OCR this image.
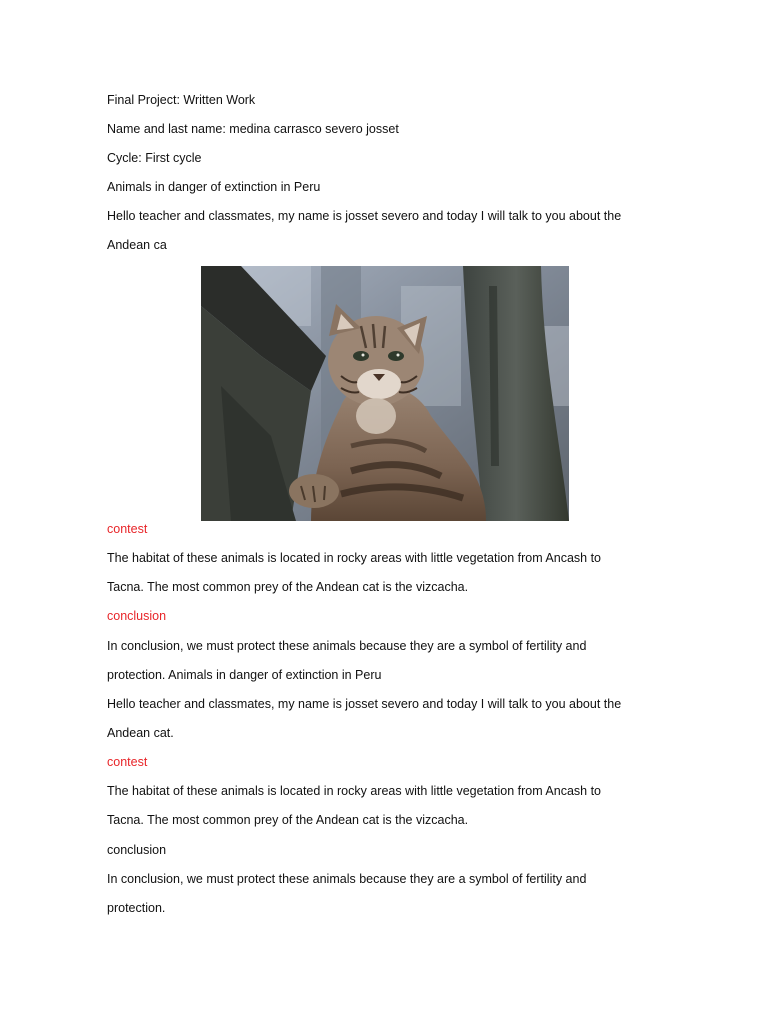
Final Project: Written Work
Name and last name: medina carrasco severo josset
Cycle: First cycle
Animals in danger of extinction in Peru
Hello teacher and classmates, my name is josset severo and today I will talk to you about the
Andean ca
contest
The habitat of these animals is located in rocky areas with little vegetation from Ancash to
Tacna. The most common prey of the Andean cat is the vizcacha.
conclusion
In conclusion, we must protect these animals because they are a symbol of fertility and
protection. Animals in danger of extinction in Peru
Hello teacher and classmates, my name is josset severo and today I will talk to you about the
Andean cat.
contest
The habitat of these animals is located in rocky areas with little vegetation from Ancash to
Tacna. The most common prey of the Andean cat is the vizcacha.
conclusion
In conclusion, we must protect these animals because they are a symbol of fertility and
protection.
